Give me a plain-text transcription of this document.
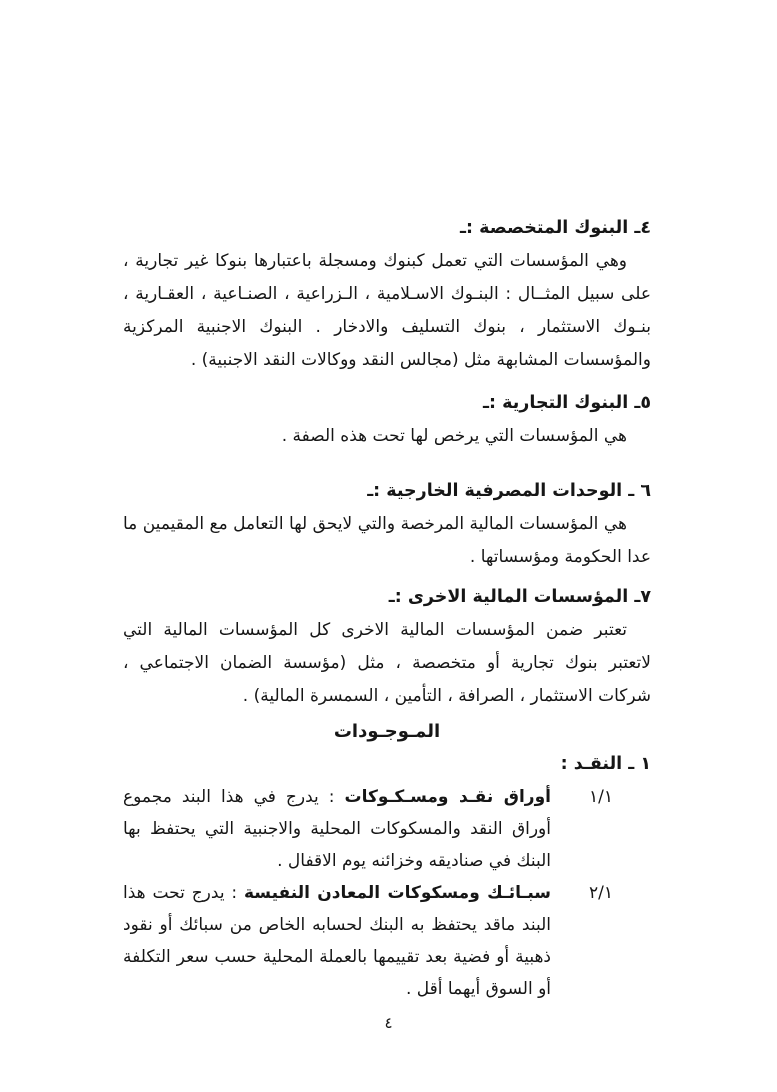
٤ـ البنوك المتخصصة :ـ

وهي المؤسسات التي تعمل كبنوك ومسجلة باعتبارها بنوكا غير تجارية ، على سبيل المثــال : البنـوك الاسـلامية ، الـزراعية ، الصنـاعية ، العقـارية ، بنـوك الاستثمار ، بنوك التسليف والادخار . البنوك الاجنبية المركزية والمؤسسات المشابهة مثل (مجالس النقد ووكالات النقد الاجنبية) .

٥ـ البنوك التجارية :ـ

هي المؤسسات التي يرخص لها تحت هذه الصفة .

٦ ـ الوحدات المصرفية الخارجية :ـ

هي المؤسسات المالية المرخصة والتي لايحق لها التعامل مع المقيمين ما عدا الحكومة ومؤسساتها .

٧ـ المؤسسات المالية الاخرى :ـ

تعتبر ضمن المؤسسات المالية الاخرى كل المؤسسات المالية التي لاتعتبر بنوك تجارية أو متخصصة ، مثل (مؤسسة الضمان الاجتماعي ، شركات الاستثمار ، الصرافة ، التأمين ، السمسرة المالية) .

المـوجـودات
١ ـ النقـد :
١/١

أوراق نقـد ومسـكـوكات : يدرج في هذا البند مجموع أوراق النقد والمسكوكات المحلية والاجنبية التي يحتفظ بها البنك في صناديقه وخزائنه يوم الاقفال .

٢/١

سبـائـك ومسكوكات المعادن النفيسة : يدرج تحت هذا البند ماقد يحتفظ به البنك لحسابه الخاص من سبائك أو نقود ذهبية أو فضية بعد تقييمها بالعملة المحلية حسب سعر التكلفة أو السوق أيهما أقل .

٤
